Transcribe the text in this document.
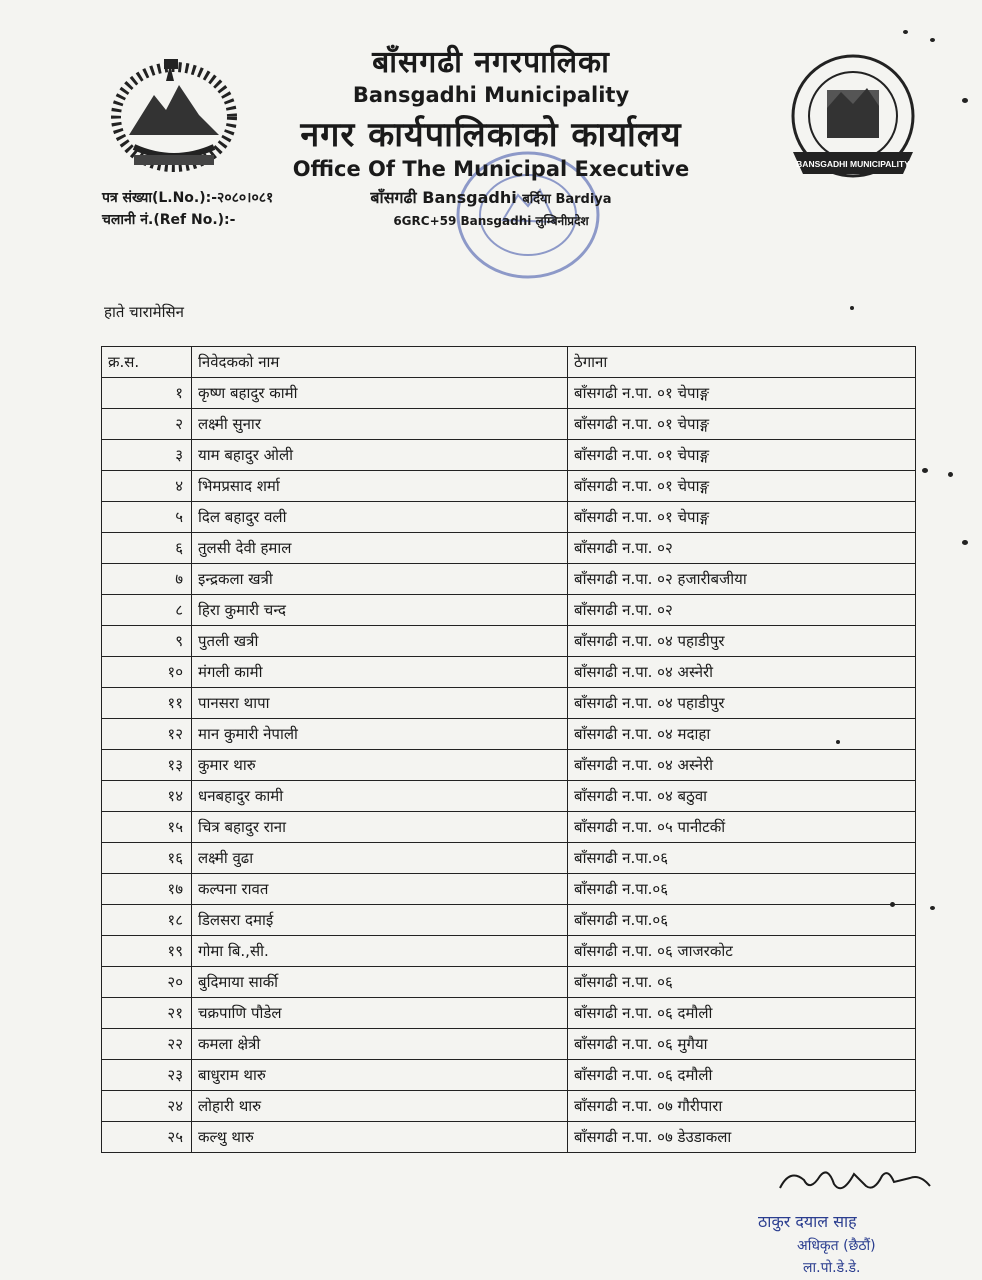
BANSGADHI MUNICIPALITY
बाँसगढी नगरपालिका
Bansgadhi Municipality
नगर कार्यपालिकाको कार्यालय
Office Of The Municipal Executive
बाँसगढी Bansgadhi बर्दिया Bardiya
6GRC+59 Bansgadhi लुम्बिनीप्रदेश
पत्र संख्या(L.No.):-२०८०।०८१
चलानी नं.(Ref No.):-
हाते चारामेसिन
क्र.स.	निवेदकको नाम	ठेगाना
१	कृष्ण बहादुर कामी	बाँसगढी न.पा. ०१ चेपाङ्ग
२	लक्ष्मी सुनार	बाँसगढी न.पा. ०१ चेपाङ्ग
३	याम बहादुर ओली	बाँसगढी न.पा. ०१ चेपाङ्ग
४	भिमप्रसाद शर्मा	बाँसगढी न.पा. ०१ चेपाङ्ग
५	दिल बहादुर वली	बाँसगढी न.पा. ०१ चेपाङ्ग
६	तुलसी देवी हमाल	बाँसगढी न.पा. ०२
७	इन्द्रकला खत्री	बाँसगढी न.पा. ०२ हजारीबजीया
८	हिरा कुमारी चन्द	बाँसगढी न.पा. ०२
९	पुतली खत्री	बाँसगढी न.पा. ०४ पहाडीपुर
१०	मंगली कामी	बाँसगढी न.पा. ०४ अस्नेरी
११	पानसरा थापा	बाँसगढी न.पा. ०४ पहाडीपुर
१२	मान कुमारी नेपाली	बाँसगढी न.पा. ०४ मदाहा
१३	कुमार थारु	बाँसगढी न.पा. ०४ अस्नेरी
१४	धनबहादुर कामी	बाँसगढी न.पा. ०४ बठुवा
१५	चित्र बहादुर राना	बाँसगढी न.पा. ०५ पानीटकीं
१६	लक्ष्मी वुढा	बाँसगढी न.पा.०६
१७	कल्पना रावत	बाँसगढी न.पा.०६
१८	डिलसरा दमाई	बाँसगढी न.पा.०६
१९	गोमा बि.,सी.	बाँसगढी न.पा. ०६ जाजरकोट
२०	बुदिमाया सार्की	बाँसगढी न.पा. ०६
२१	चक्रपाणि पौडेल	बाँसगढी न.पा. ०६ दमौली
२२	कमला क्षेत्री	बाँसगढी न.पा. ०६ मुगैया
२३	बाधुराम थारु	बाँसगढी न.पा. ०६ दमौली
२४	लोहारी थारु	बाँसगढी न.पा. ०७ गौरीपारा
२५	कल्थु थारु	बाँसगढी न.पा. ०७ डेउडाकला
ठाकुर दयाल साह
अधिकृत (छैठौं)
ला.पो.डे.डे.
